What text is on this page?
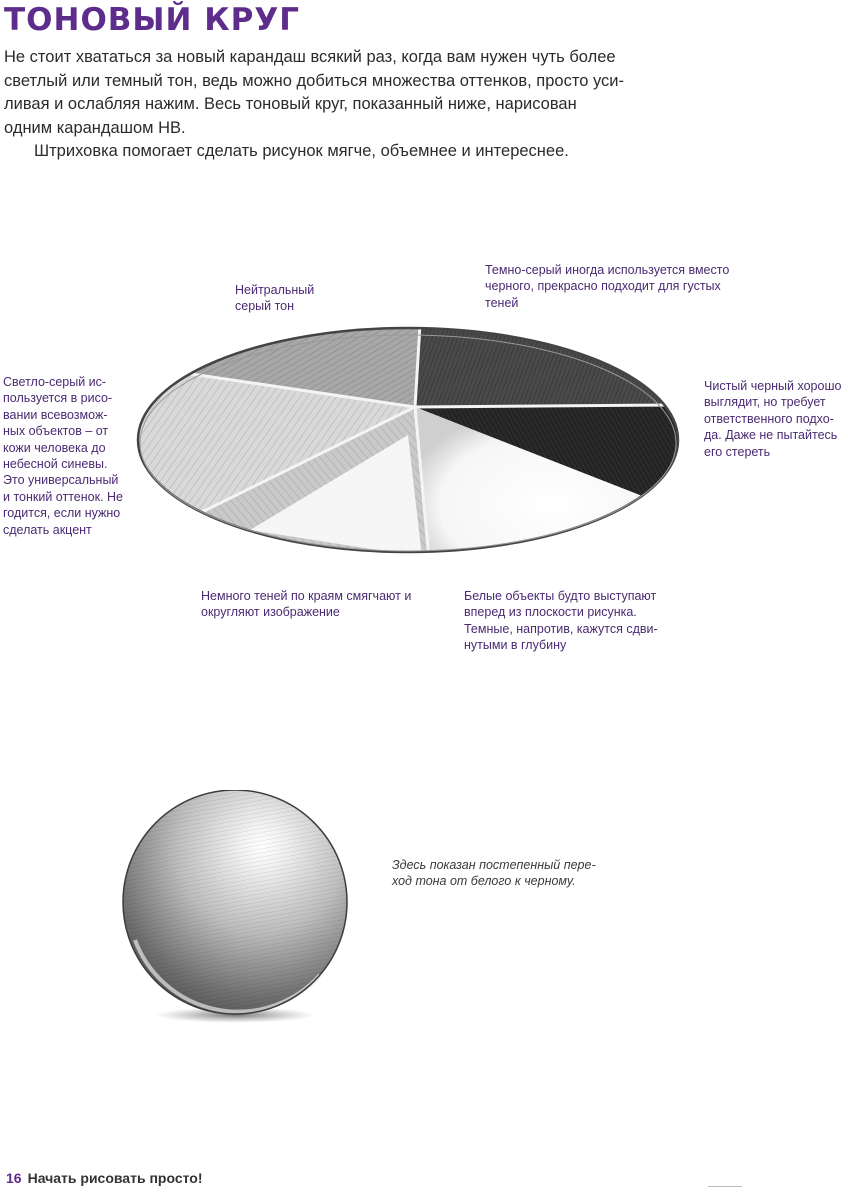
ТОНОВЫЙ КРУГ

Не стоит хвататься за новый карандаш всякий раз, когда вам нужен чуть более светлый или темный тон, ведь можно добиться множества оттенков, просто уси-ливая и ослабляя нажим. Весь тоновый круг, показанный ниже, нарисован одним карандашом НВ.

Штриховка помогает сделать рисунок мягче, объемнее и интереснее.

Нейтральный серый тон

Темно-серый иногда используется вместо черного, прекрасно подходит для густых теней

Светло-серый ис-пользуется в рисо-вании всевозмож-ных объектов – от кожи человека до небесной синевы. Это универсальный и тонкий оттенок. Не годится, если нужно сделать акцент

Чистый черный хорошо выглядит, но требует ответственного подхо-да. Даже не пытайтесь его стереть

Немного теней по краям смягчают и округляют изображение

Белые объекты будто выступают вперед из плоскости рисунка. Темные, напротив, кажутся сдви-нутыми в глубину

Здесь показан постепенный пере-ход тона от белого к черному.

16 Начать рисовать просто!
